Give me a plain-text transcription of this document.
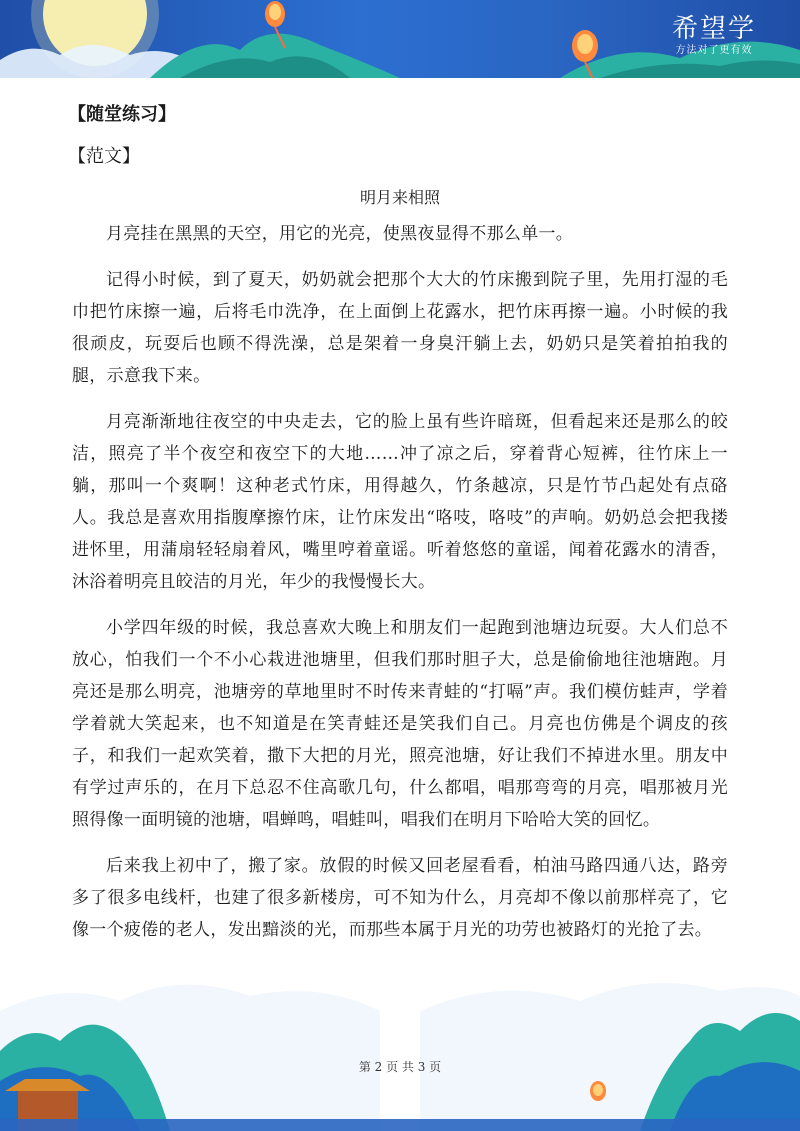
希望学
方法对了更有效
【随堂练习】
【范文】
明月来相照

月亮挂在黑黑的天空，用它的光亮，使黑夜显得不那么单一。

记得小时候，到了夏天，奶奶就会把那个大大的竹床搬到院子里，先用打湿的毛巾把竹床擦一遍，后将毛巾洗净，在上面倒上花露水，把竹床再擦一遍。小时候的我很顽皮，玩耍后也顾不得洗澡，总是架着一身臭汗躺上去，奶奶只是笑着拍拍我的腿，示意我下来。

月亮渐渐地往夜空的中央走去，它的脸上虽有些许暗斑，但看起来还是那么的皎洁，照亮了半个夜空和夜空下的大地……冲了凉之后，穿着背心短裤，往竹床上一躺，那叫一个爽啊！这种老式竹床，用得越久，竹条越凉，只是竹节凸起处有点硌人。我总是喜欢用指腹摩擦竹床，让竹床发出“咯吱，咯吱”的声响。奶奶总会把我搂进怀里，用蒲扇轻轻扇着风，嘴里哼着童谣。听着悠悠的童谣，闻着花露水的清香，沐浴着明亮且皎洁的月光，年少的我慢慢长大。

小学四年级的时候，我总喜欢大晚上和朋友们一起跑到池塘边玩耍。大人们总不放心，怕我们一个不小心栽进池塘里，但我们那时胆子大，总是偷偷地往池塘跑。月亮还是那么明亮，池塘旁的草地里时不时传来青蛙的“打嗝”声。我们模仿蛙声，学着学着就大笑起来，也不知道是在笑青蛙还是笑我们自己。月亮也仿佛是个调皮的孩子，和我们一起欢笑着，撒下大把的月光，照亮池塘，好让我们不掉进水里。朋友中有学过声乐的，在月下总忍不住高歌几句，什么都唱，唱那弯弯的月亮，唱那被月光照得像一面明镜的池塘，唱蝉鸣，唱蛙叫，唱我们在明月下哈哈大笑的回忆。

后来我上初中了，搬了家。放假的时候又回老屋看看，柏油马路四通八达，路旁多了很多电线杆，也建了很多新楼房，可不知为什么，月亮却不像以前那样亮了，它像一个疲倦的老人，发出黯淡的光，而那些本属于月光的功劳也被路灯的光抢了去。

第 2 页 共 3 页
